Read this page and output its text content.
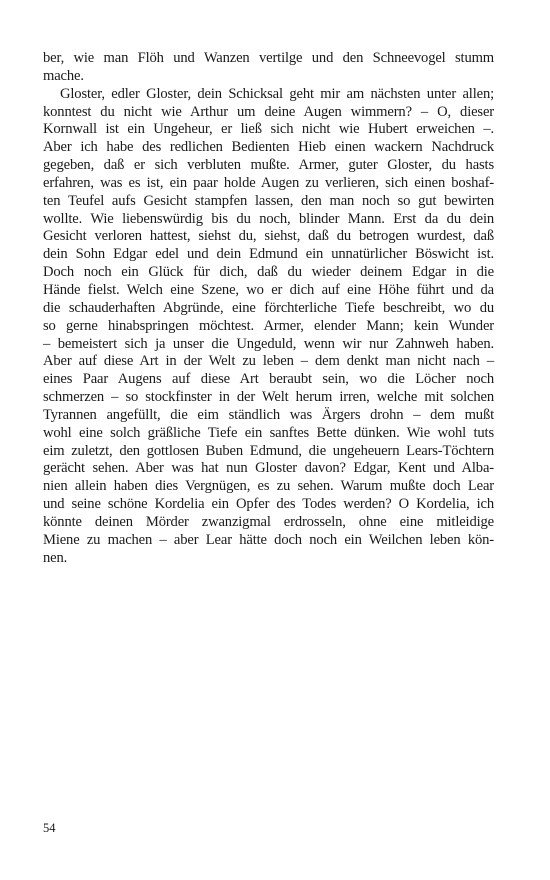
ber, wie man Flöh und Wanzen vertilge und den Schneevogel stumm
mache.
Gloster, edler Gloster, dein Schicksal geht mir am nächsten unter allen;
konntest du nicht wie Arthur um deine Augen wimmern? – O, dieser
Kornwall ist ein Ungeheur, er ließ sich nicht wie Hubert erweichen –.
Aber ich habe des redlichen Bedienten Hieb einen wackern Nachdruck
gegeben, daß er sich verbluten mußte. Armer, guter Gloster, du hasts
erfahren, was es ist, ein paar holde Augen zu verlieren, sich einen boshaf-
ten Teufel aufs Gesicht stampfen lassen, den man noch so gut bewirten
wollte. Wie liebenswürdig bis du noch, blinder Mann. Erst da du dein
Gesicht verloren hattest, siehst du, siehst, daß du betrogen wurdest, daß
dein Sohn Edgar edel und dein Edmund ein unnatürlicher Böswicht ist.
Doch noch ein Glück für dich, daß du wieder deinem Edgar in die
Hände fielst. Welch eine Szene, wo er dich auf eine Höhe führt und da
die schauderhaften Abgründe, eine förchterliche Tiefe beschreibt, wo du
so gerne hinabspringen möchtest. Armer, elender Mann; kein Wunder
– bemeistert sich ja unser die Ungeduld, wenn wir nur Zahnweh haben.
Aber auf diese Art in der Welt zu leben – dem denkt man nicht nach –
eines Paar Augens auf diese Art beraubt sein, wo die Löcher noch
schmerzen – so stockfinster in der Welt herum irren, welche mit solchen
Tyrannen angefüllt, die eim ständlich was Ärgers drohn – dem mußt
wohl eine solch gräßliche Tiefe ein sanftes Bette dünken. Wie wohl tuts
eim zuletzt, den gottlosen Buben Edmund, die ungeheuern Lears-Töchtern
gerächt sehen. Aber was hat nun Gloster davon? Edgar, Kent und Alba-
nien allein haben dies Vergnügen, es zu sehen. Warum mußte doch Lear
und seine schöne Kordelia ein Opfer des Todes werden? O Kordelia, ich
könnte deinen Mörder zwanzigmal erdrosseln, ohne eine mitleidige
Miene zu machen – aber Lear hätte doch noch ein Weilchen leben kön-
nen.
54
